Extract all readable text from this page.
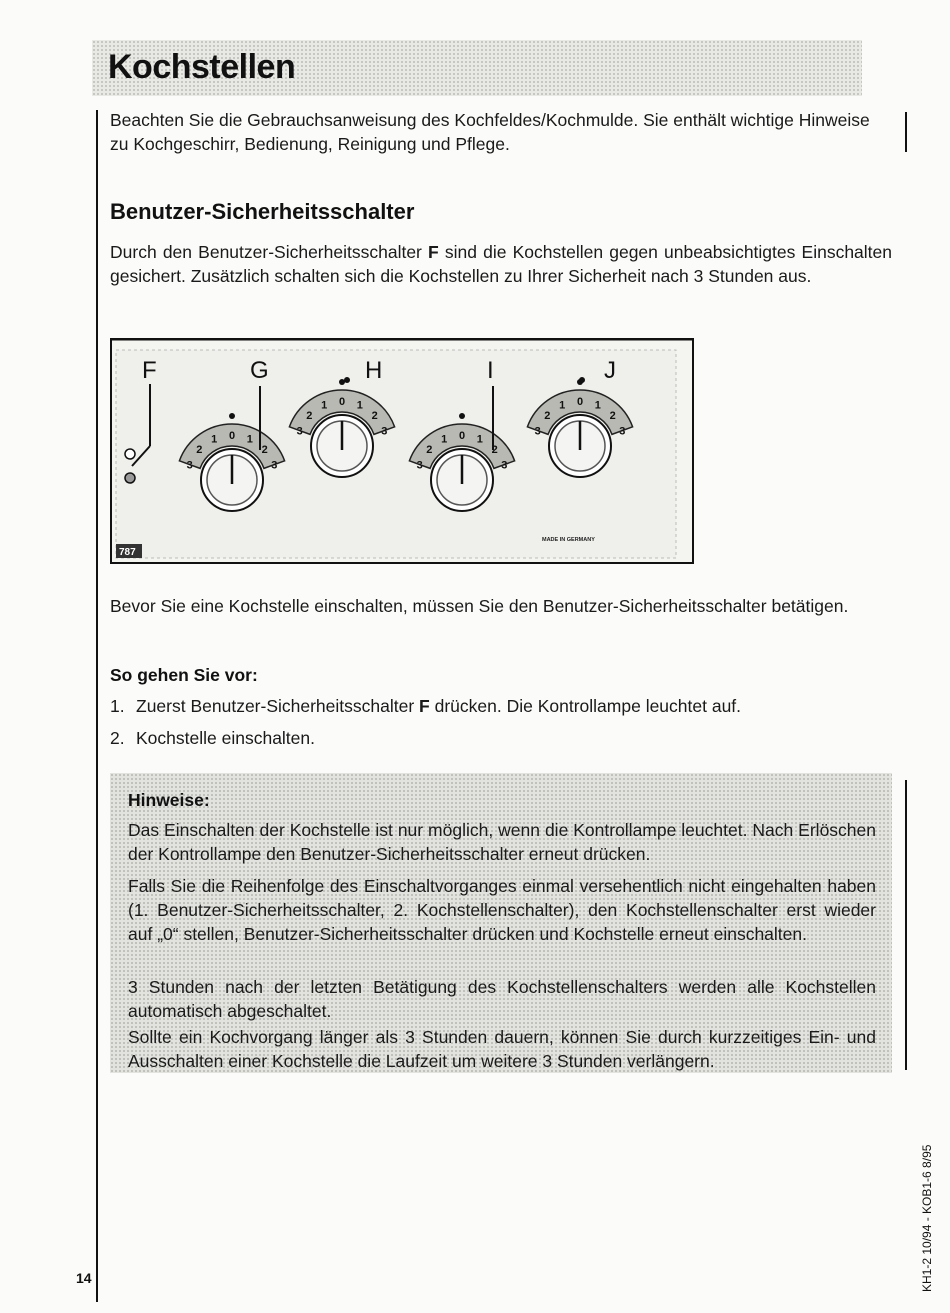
Kochstellen

Beachten Sie die Gebrauchsanweisung des Kochfeldes/Kochmulde. Sie enthält wichtige Hinweise zu Kochgeschirr, Bedienung, Reinigung und Pflege.

Benutzer-Sicherheitsschalter

Durch den Benutzer-Sicherheitsschalter F sind die Kochstellen gegen unbeabsichtigtes Einschalten gesichert. Zusätzlich schalten sich die Kochstellen zu Ihrer Sicherheit nach 3 Stunden aus.

3
2
1 0 1
2
3
3
2
1 0 1
2
3
3
2
1 0 1
2
3
3
2
1 0 1
2
3
F	G	H	I	J
787
MADE IN GERMANY

Bevor Sie eine Kochstelle einschalten, müssen Sie den Benutzer-Sicherheitsschalter betätigen.

So gehen Sie vor:
1. Zuerst Benutzer-Sicherheitsschalter F drücken. Die Kontrollampe leuchtet auf.
2. Kochstelle einschalten.
Hinweise:

Das Einschalten der Kochstelle ist nur möglich, wenn die Kontrollampe leuchtet. Nach Erlöschen der Kontrollampe den Benutzer-Sicherheitsschalter erneut drücken.

Falls Sie die Reihenfolge des Einschaltvorganges einmal versehentlich nicht eingehalten haben (1. Benutzer-Sicherheitsschalter, 2. Kochstellenschalter), den Kochstellenschalter erst wieder auf „0“ stellen, Benutzer-Sicherheitsschalter drücken und Kochstelle erneut einschalten.

3 Stunden nach der letzten Betätigung des Kochstellenschalters werden alle Kochstellen automatisch abgeschaltet.

Sollte ein Kochvorgang länger als 3 Stunden dauern, können Sie durch kurzzeitiges Ein- und Ausschalten einer Kochstelle die Laufzeit um weitere 3 Stunden verlängern.

14	KH1-2 10/94 - KOB1-6 8/95
